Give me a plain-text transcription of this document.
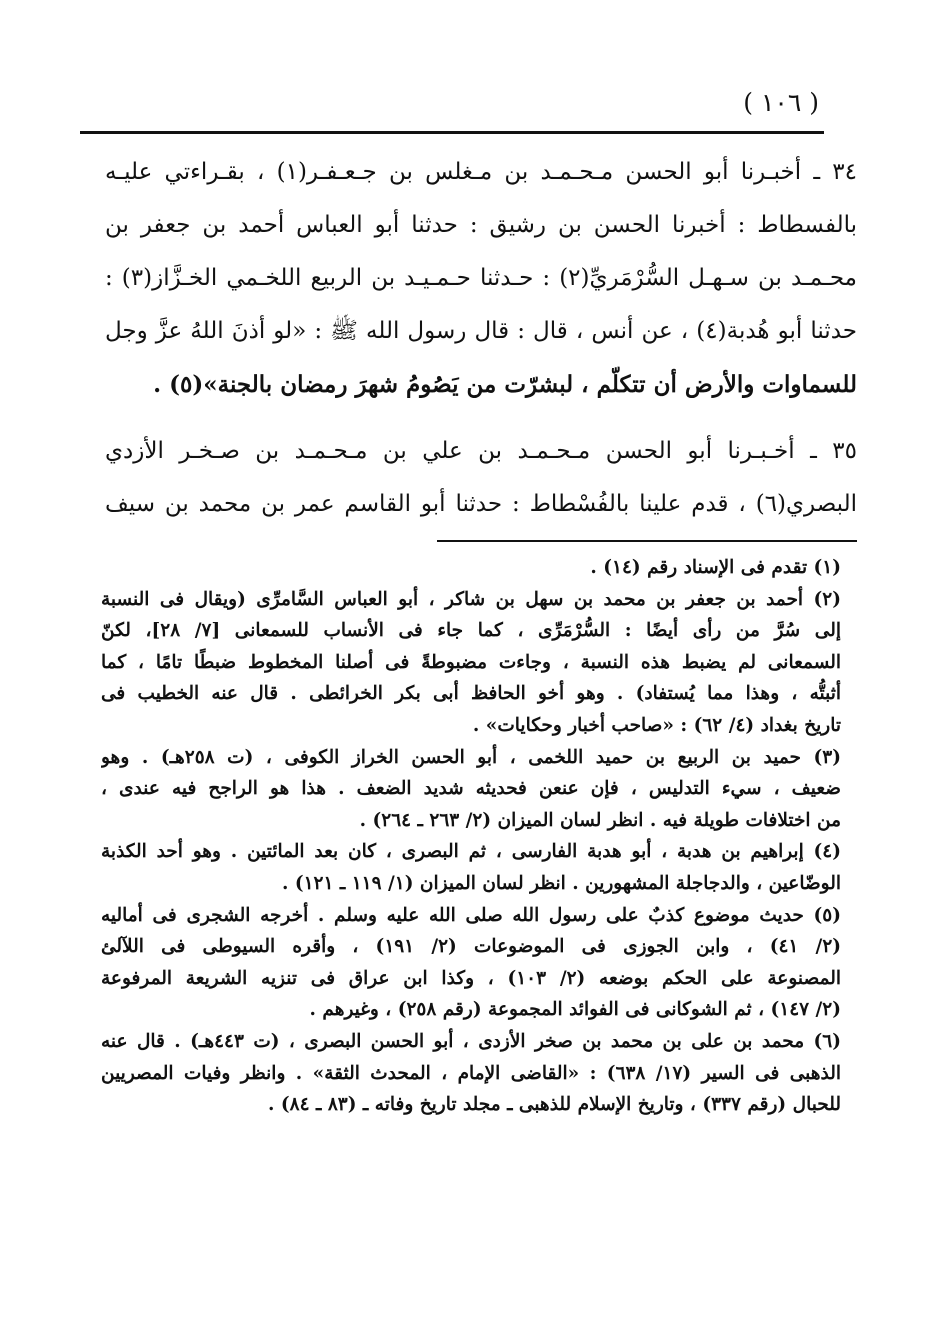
( ١٠٦ )
٣٤ ـ أخبـرنا أبو الحسن مـحـمـد بن مـغلس بن جـعـفـر(١) ، بقـراءتي عليـه
بالفسطاط : أخبرنا الحسن بن رشيق : حدثنا أبو العباس أحمد بن جعفر بن
محـمـد بن سـهـل السُّرْمَريِّ(٢) : حـدثنا حـمـيـد بن الربيع اللخـمي الخـزَّاز(٣) :
حدثنا أبو هُدبة(٤) ، عن أنس ، قال : قال رسول الله ﷺ : «لو أذنَ اللهُ عزَّ وجل
للسماوات والأرض أن تتكلّم ، لبشرّت من يَصُومُ شهرَ رمضان بالجنة»(٥) .
٣٥ ـ أخـبـرنا أبو الحسن مـحـمـد بن علي بن مـحـمـد بن صـخـر الأزدي
البصري(٦) ، قدم علينا بالفُسْطاط : حدثنا أبو القاسم عمر بن محمد بن سيف
(١) تقدم فى الإسناد رقم (١٤) .
(٢) أحمد بن جعفر بن محمد بن سهل بن شاكر ، أبو العباس السَّامرِّى (ويقال فى النسبة
إلى سُرَّ من رأى أيضًا : السُّرْمَرِّى ، كما جاء فى الأنساب للسمعانى [٧/ ٢٨]، لكنّ
السمعانى لم يضبط هذه النسبة ، وجاءت مضبوطةً فى أصلنا المخطوط ضبطًا تامًا ، كما
أثبتُّه ، وهذا مما يُستفاد) . وهو أخو الحافظ أبى بكر الخرائطى . قال عنه الخطيب فى
تاريخ بغداد (٤/ ٦٢) : «صاحب أخبار وحكايات» .
(٣) حميد بن الربيع بن حميد اللخمى ، أبو الحسن الخراز الكوفى ، (ت ٢٥٨هـ) . وهو
ضعيف ، سيء التدليس ، فإن عنعن فحديثه شديد الضعف . هذا هو الراجح فيه عندى ،
من اختلافات طويلة فيه . انظر لسان الميزان (٢/ ٢٦٣ ـ ٢٦٤) .
(٤) إبراهيم بن هدبة ، أبو هدبة الفارسى ، ثم البصرى ، كان بعد المائتين . وهو أحد الكذبة
الوضّاعين ، والدجاجلة المشهورين . انظر لسان الميزان (١/ ١١٩ ـ ١٢١) .
(٥) حديث موضوع كذبٌ على رسول الله صلى الله عليه وسلم . أخرجه الشجرى فى أماليه
(٢/ ٤١) ، وابن الجوزى فى الموضوعات (٢/ ١٩١) ، وأقره السيوطى فى اللآلئ
المصنوعة على الحكم بوضعه (٢/ ١٠٣) ، وكذا ابن عراق فى تنزيه الشريعة المرفوعة
(٢/ ١٤٧) ، ثم الشوكانى فى الفوائد المجموعة (رقم ٢٥٨) ، وغيرهم .
(٦) محمد بن على بن محمد بن صخر الأزدى ، أبو الحسن البصرى ، (ت ٤٤٣هـ) . قال عنه
الذهبى فى السير (١٧/ ٦٣٨) : «القاضى الإمام ، المحدث الثقة» . وانظر وفيات المصريين
للحبال (رقم ٣٣٧) ، وتاريخ الإسلام للذهبى ـ مجلد تاريخ وفاته ـ (٨٣ ـ ٨٤) .
